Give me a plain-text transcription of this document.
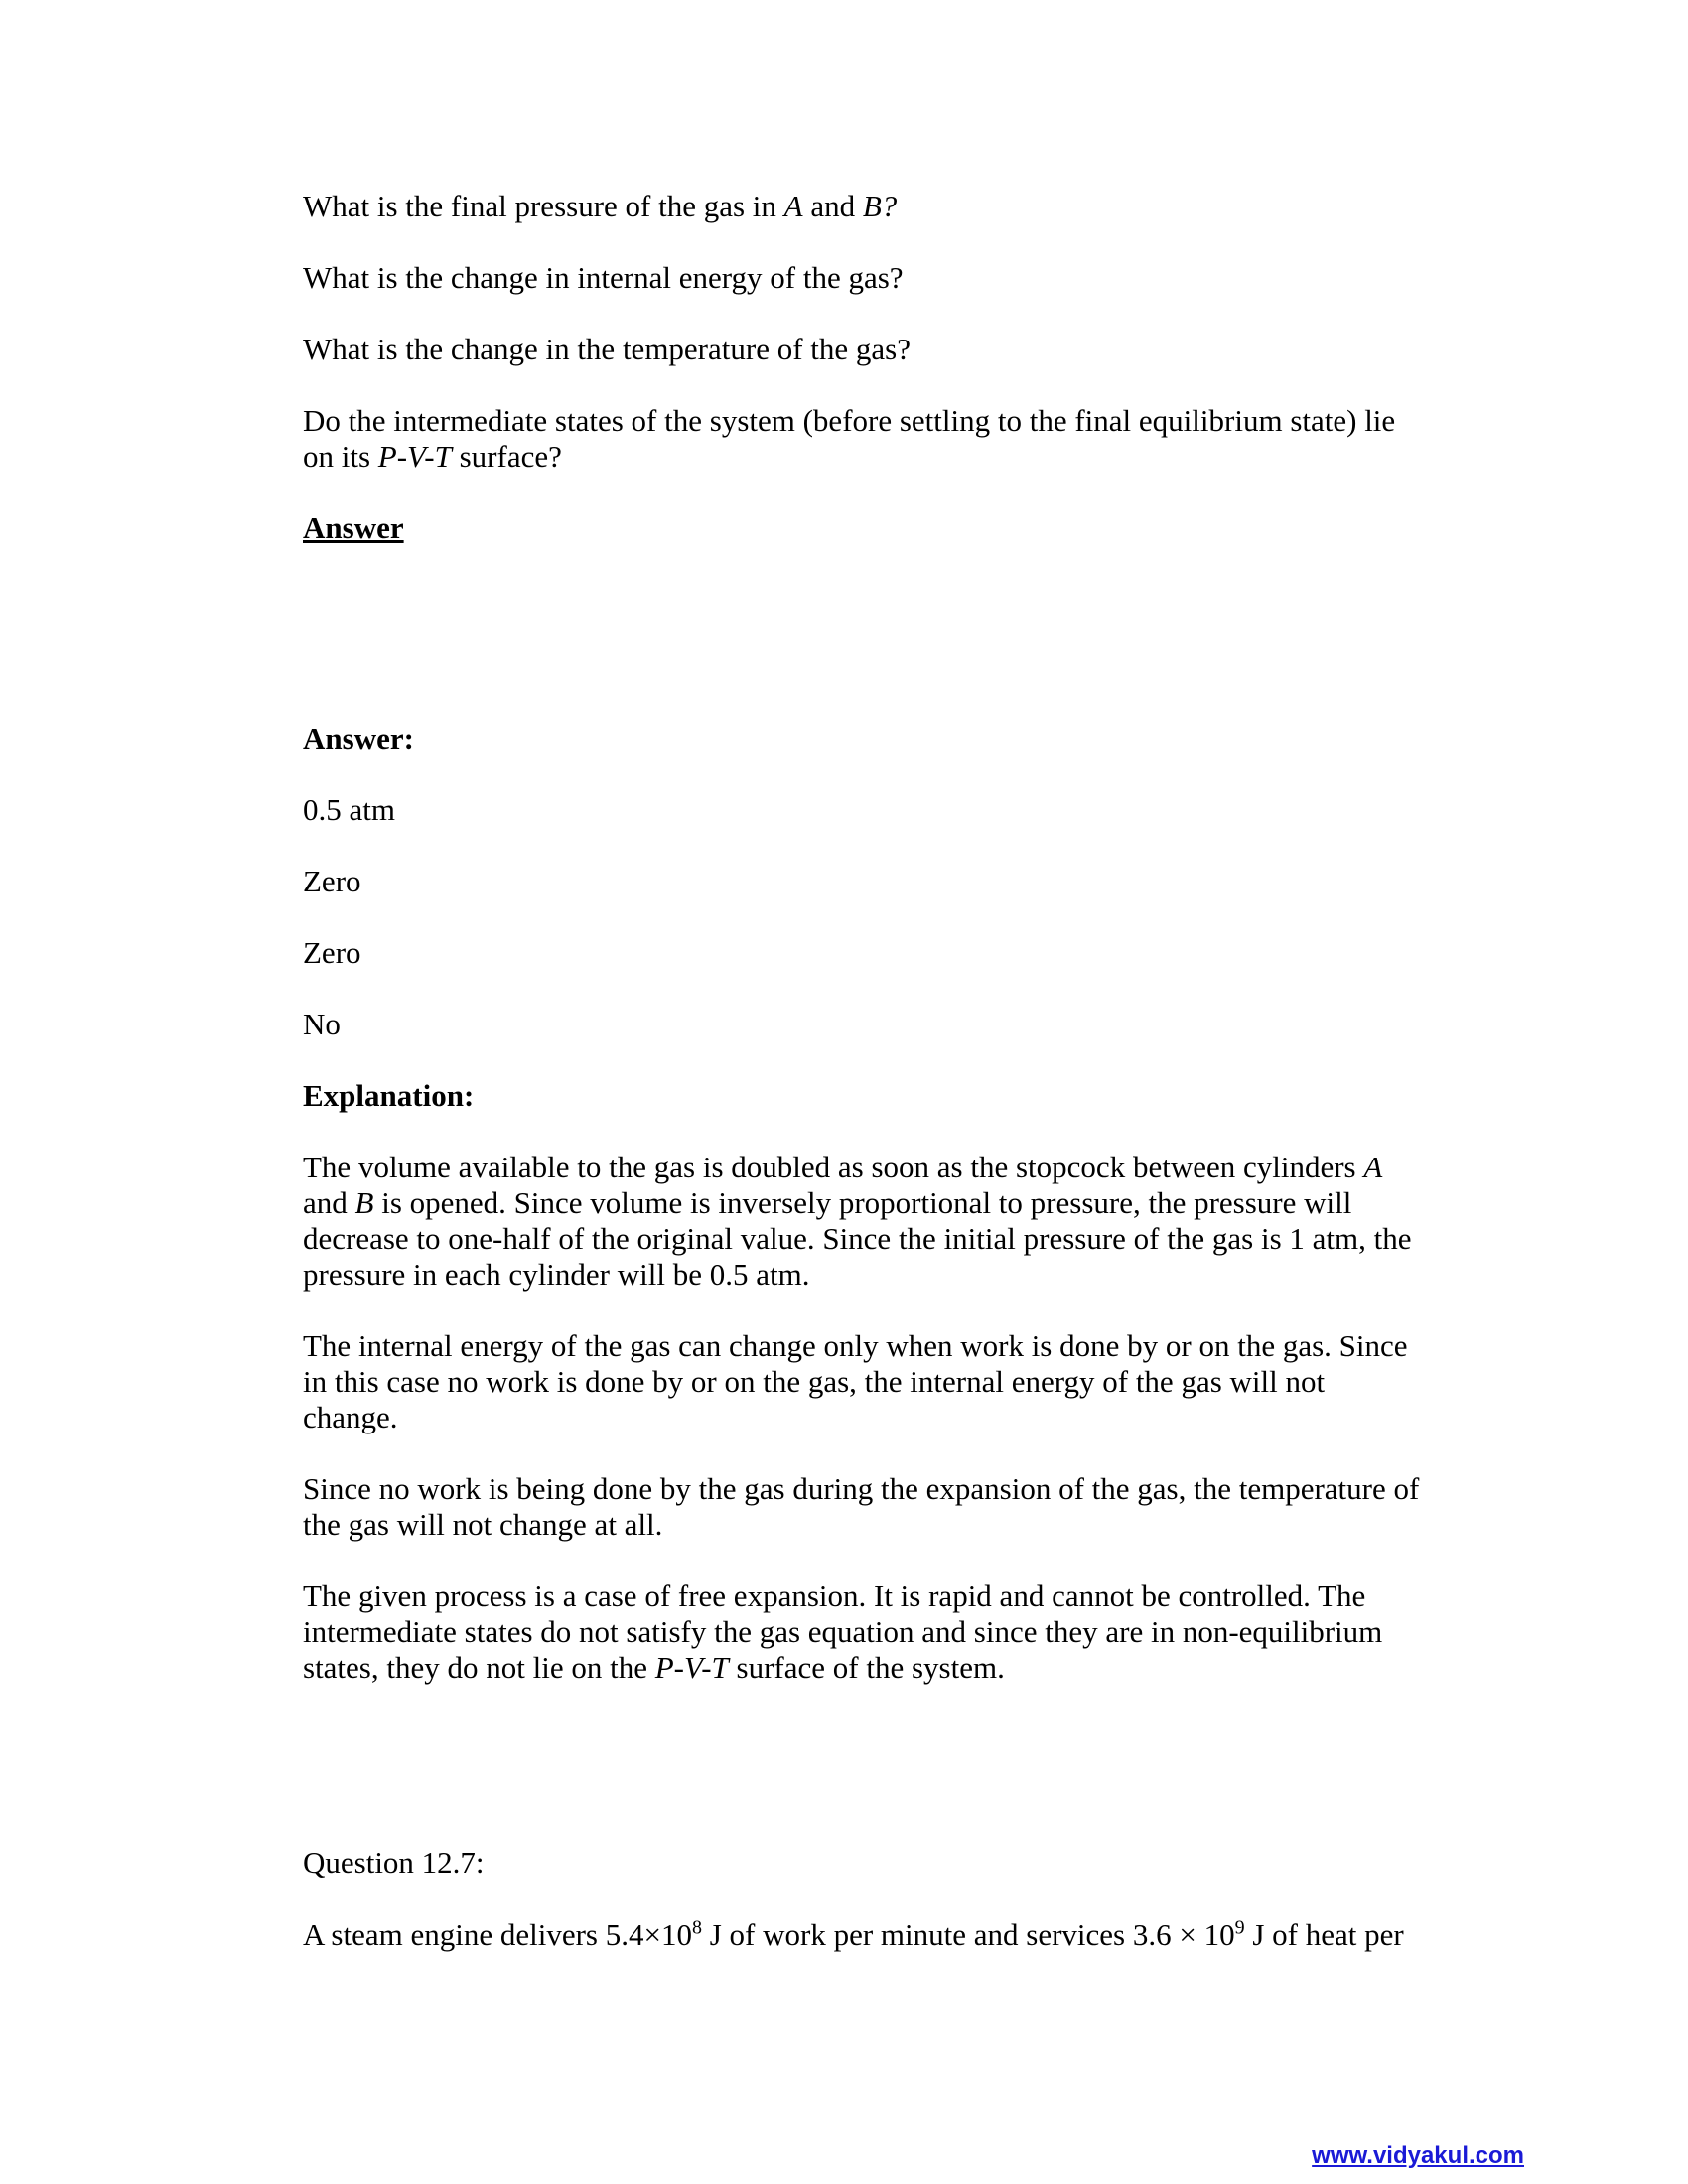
What is the final pressure of the gas in A and B?

What is the change in internal energy of the gas?

What is the change in the temperature of the gas?

Do the intermediate states of the system (before settling to the final equilibrium state) lie on its P-V-T surface?

Answer

Answer:

0.5 atm

Zero

Zero

No

Explanation:

The volume available to the gas is doubled as soon as the stopcock between cylinders A and B is opened. Since volume is inversely proportional to pressure, the pressure will decrease to one-half of the original value. Since the initial pressure of the gas is 1 atm, the pressure in each cylinder will be 0.5 atm.

The internal energy of the gas can change only when work is done by or on the gas. Since in this case no work is done by or on the gas, the internal energy of the gas will not change.

Since no work is being done by the gas during the expansion of the gas, the temperature of the gas will not change at all.

The given process is a case of free expansion. It is rapid and cannot be controlled. The intermediate states do not satisfy the gas equation and since they are in non-equilibrium states, they do not lie on the P-V-T surface of the system.

Question 12.7:

A steam engine delivers $5.4\times 10^8$ J of work per minute and services $3.6 \times 10^9$ J of heat per

www.vidyakul.com
